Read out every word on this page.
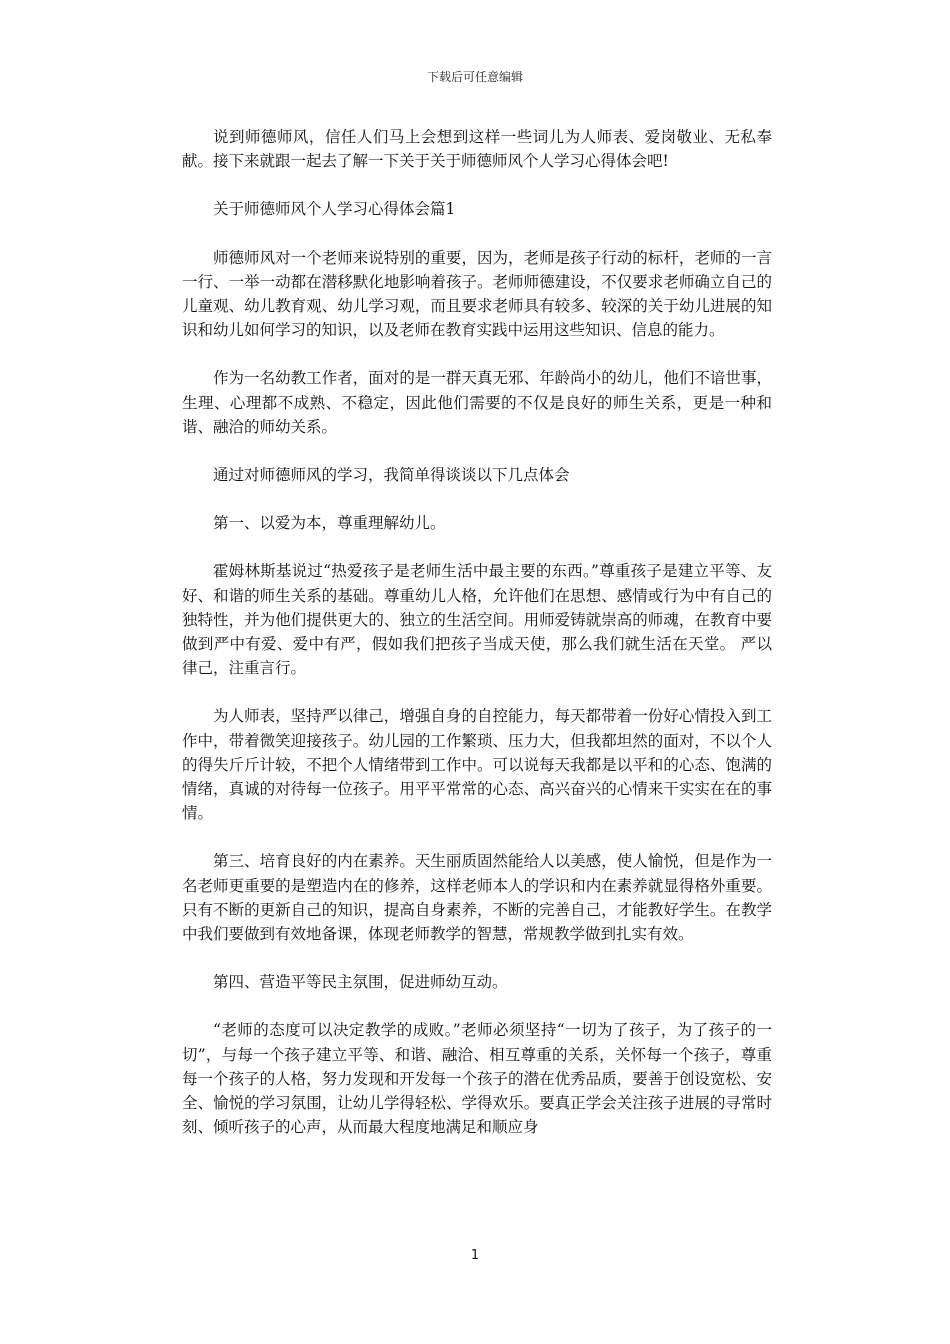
下载后可任意编辑

说到师德师风，信任人们马上会想到这样一些词儿为人师表、爱岗敬业、无私奉献。接下来就跟一起去了解一下关于关于师德师风个人学习心得体会吧!

关于师德师风个人学习心得体会篇1

师德师风对一个老师来说特别的重要，因为，老师是孩子行动的标杆，老师的一言一行、一举一动都在潜移默化地影响着孩子。老师师德建设，不仅要求老师确立自己的儿童观、幼儿教育观、幼儿学习观，而且要求老师具有较多、较深的关于幼儿进展的知识和幼儿如何学习的知识，以及老师在教育实践中运用这些知识、信息的能力。

作为一名幼教工作者，面对的是一群天真无邪、年龄尚小的幼儿，他们不谙世事，生理、心理都不成熟、不稳定，因此他们需要的不仅是良好的师生关系，更是一种和谐、融洽的师幼关系。

通过对师德师风的学习，我简单得谈谈以下几点体会

第一、以爱为本，尊重理解幼儿。

霍姆林斯基说过“热爱孩子是老师生活中最主要的东西。”尊重孩子是建立平等、友好、和谐的师生关系的基础。尊重幼儿人格，允许他们在思想、感情或行为中有自己的独特性，并为他们提供更大的、独立的生活空间。用师爱铸就崇高的师魂，在教育中要做到严中有爱、爱中有严，假如我们把孩子当成天使，那么我们就生活在天堂。 严以律己，注重言行。

为人师表，坚持严以律己，增强自身的自控能力，每天都带着一份好心情投入到工作中，带着微笑迎接孩子。幼儿园的工作繁琐、压力大，但我都坦然的面对，不以个人的得失斤斤计较，不把个人情绪带到工作中。可以说每天我都是以平和的心态、饱满的情绪，真诚的对待每一位孩子。用平平常常的心态、高兴奋兴的心情来干实实在在的事情。

第三、培育良好的内在素养。天生丽质固然能给人以美感，使人愉悦，但是作为一名老师更重要的是塑造内在的修养，这样老师本人的学识和内在素养就显得格外重要。只有不断的更新自己的知识，提高自身素养，不断的完善自己，才能教好学生。在教学中我们要做到有效地备课，体现老师教学的智慧，常规教学做到扎实有效。

第四、营造平等民主氛围，促进师幼互动。

“老师的态度可以决定教学的成败。”老师必须坚持“一切为了孩子，为了孩子的一切”，与每一个孩子建立平等、和谐、融洽、相互尊重的关系，关怀每一个孩子，尊重每一个孩子的人格，努力发现和开发每一个孩子的潜在优秀品质，要善于创设宽松、安全、愉悦的学习氛围，让幼儿学得轻松、学得欢乐。要真正学会关注孩子进展的寻常时刻、倾听孩子的心声，从而最大程度地满足和顺应身

1
